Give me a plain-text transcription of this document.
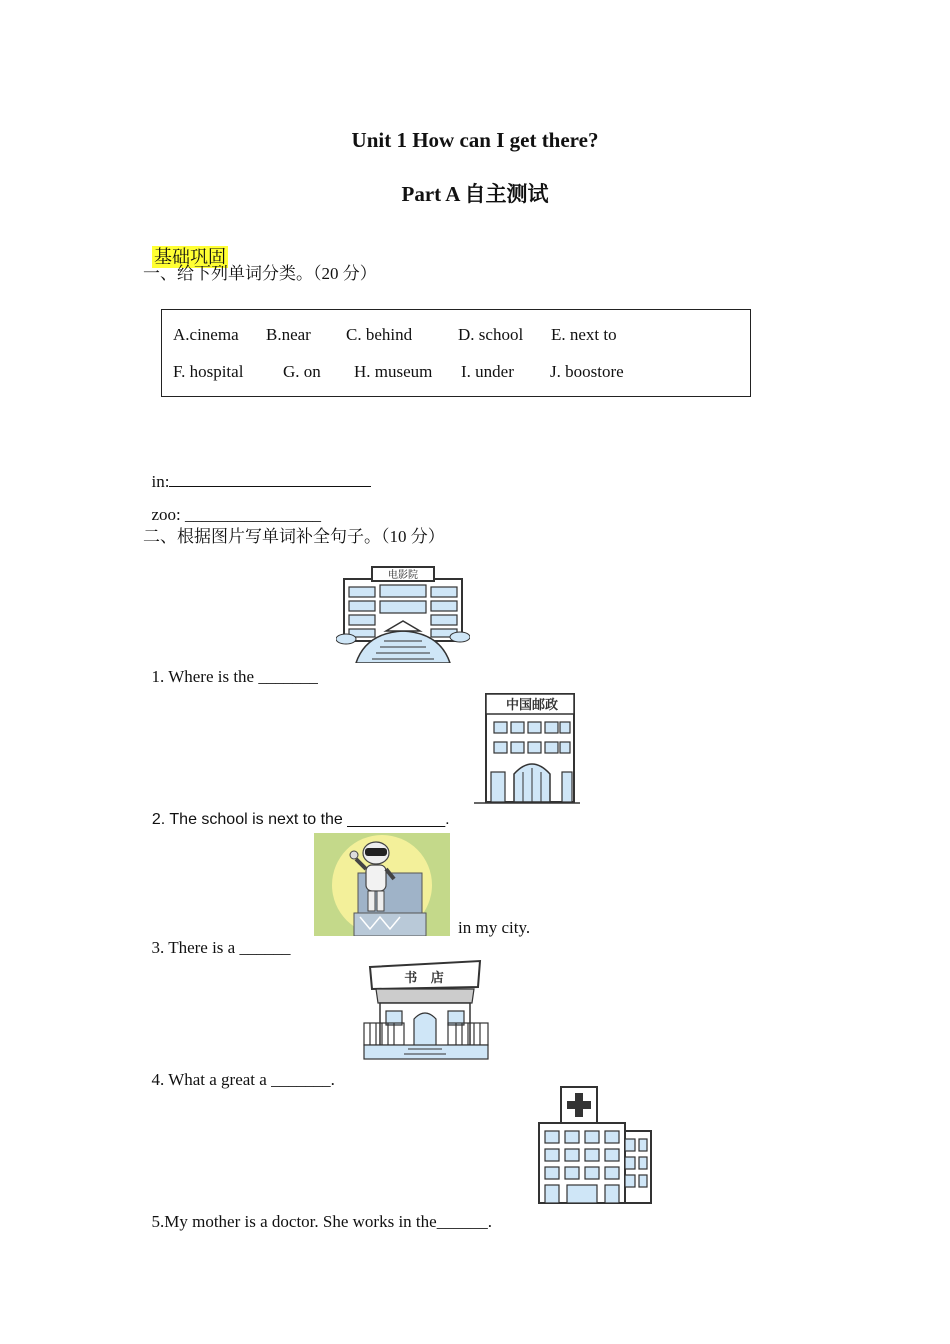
Unit 1 How can I get there?
Part A 自主测试

基础巩固

一、给下列单词分类。（20 分）
A.cinema B.near C. behind	D. school E. next to
F. hospital G. on H. museum I. under J. boostore

in:

zoo: ________________

二、根据图片写单词补全句子。（10 分）

1. Where is the _______

电影院

2. The school is next to the ___________.

中国邮政

3. There is a ______

in my city.

4. What a great a _______.

书   店

5.My mother is a doctor. She works in the______.
